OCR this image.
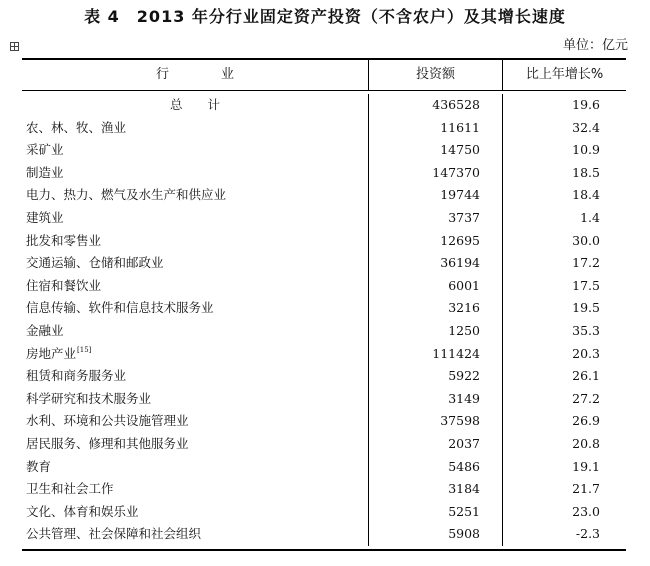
表 4　2013 年分行业固定资产投资（不含农户）及其增长速度
单位：亿元
行　　　　业	投资额	比上年增长%
总　　计	436528	19.6
农、林、牧、渔业	11611	32.4
采矿业	14750	10.9
制造业	147370	18.5
电力、热力、燃气及水生产和供应业	19744	18.4
建筑业	3737	1.4
批发和零售业	12695	30.0
交通运输、仓储和邮政业	36194	17.2
住宿和餐饮业	6001	17.5
信息传输、软件和信息技术服务业	3216	19.5
金融业	1250	35.3
房地产业[15]	111424	20.3
租赁和商务服务业	5922	26.1
科学研究和技术服务业	3149	27.2
水利、环境和公共设施管理业	37598	26.9
居民服务、修理和其他服务业	2037	20.8
教育	5486	19.1
卫生和社会工作	3184	21.7
文化、体育和娱乐业	5251	23.0
公共管理、社会保障和社会组织	5908	-2.3
